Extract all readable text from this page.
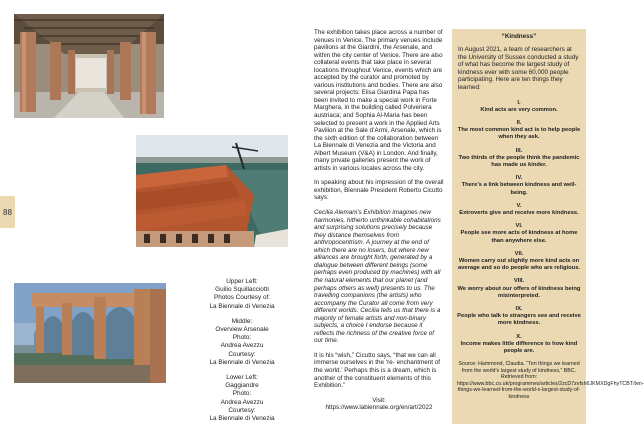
88

Upper Left:
Guilio Squillacciotti
Photos Courtesy of:
La Biennale di Venezia

Middle:
Overview Arsenale
Photo:
Andrea Avezzu
Courtesy:
La Biennale di Venezia

Lower Left:
Gaggiandre
Photo:
Andrea Avezzu
Courtesy:
La Biennale di Venezia

The exhibition takes place across a number of venues in Venice. The primary venues include pavilions at the Giardini, the Arsenale, and within the city center of Venice. There are also collateral events that take place in several locations throughout Venice, events which are accepted by the curator and promoted by various institutions and bodies. There are also several projects: Elisa Giardina Papa has been invited to make a special work in Forte Marghera, in the building called Polveriera austriaca; and Sophia Al-Maria has been selected to present a work in the Applied Arts Pavilion at the Sale d’Armi, Arsenale, which is the sixth edition of the collaboration between La Biennale di Venezia and the Victoria and Albert Museum (V&A) in London. And finally, many private galleries present the work of artists in various locales across the city.

In speaking about his impression of the overall exhibition, Biennale President Roberto Cicutto says:

Cecilia Alemani’s Exhibition imagines new harmonies, hitherto unthinkable cohabitations and surprising solutions precisely because they distance themselves from anthropocentrism. A journey at the end of which there are no losers, but where new alliances are brought forth, generated by a dialogue between different beings (some perhaps even produced by machines) with all the natural elements that our planet (and perhaps others as well) presents to us. The travelling companions (the artists) who accompany the Curator all come from very different worlds. Cecilia tells us that there is a majority of female artists and non-binary subjects, a choice I endorse because it reflects the richness of the creative force of our time.

It is his “wish,” Cicutto says, “that we can all immerse ourselves in the ‘re- enchantment of the world.’ Perhaps this is a dream, which is another of the constituent elements of this Exhibition.”

Visit:
https://www.labiennale.org/en/art/2022
“Kindness”
In August 2021, a team of researchers at the University of Sussex conducted a study of what has become the largest study of kindness ever with some 60,000 people participating. Here are ten things they learned:
I.
Kind acts are very common.
II.
The most common kind act is to help people when they ask.
III.
Two thirds of the people think the pandemic has made us kinder.
IV.
There’s a link between kindness and well-being.
V.
Extroverts give and receive more kindness.
VI.
People see more acts of kindness at home than anywhere else.
VII.
Women carry out slightly more kind acts on average and so do people who are religious.
VIII.
We worry about our offers of kindness being misinterpreted.
IX.
People who talk to strangers see and receive more kindness.
X.
Income makes little difference to how kind people are.
Source: Hammond, Claudia. “Ten things we learned from the world’s largest study of kindness,” BBC. Retrieved from: https://www.bbc.co.uk/programmes/articles/2zcD7zvfsh6JKMXDgFhyTCBT/ten-things-we-learned-from-the-world-s-largest-study-of-kindness
